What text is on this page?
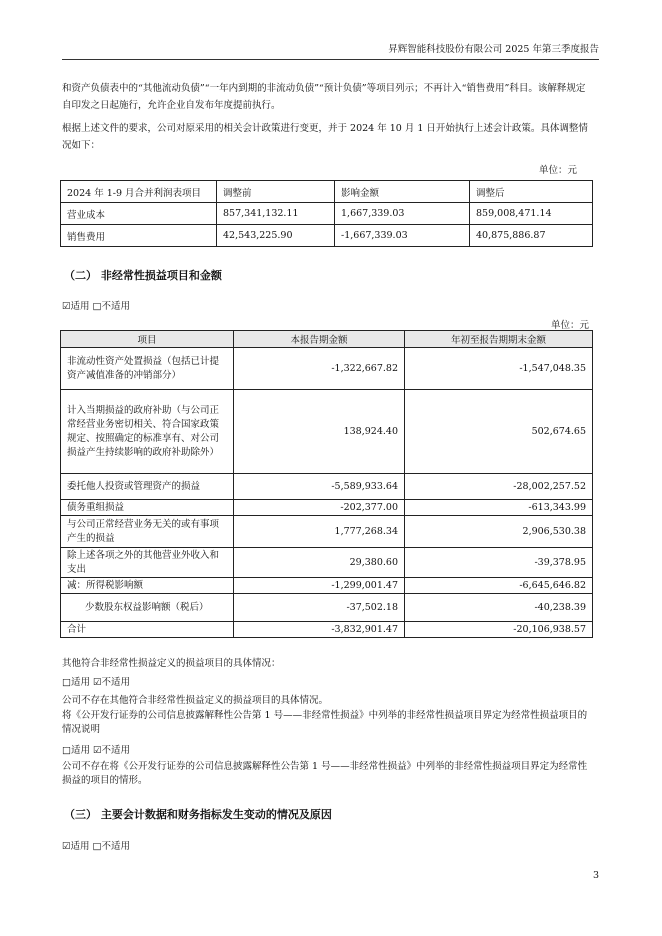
昇辉智能科技股份有限公司 2025 年第三季度报告
和资产负债表中的“其他流动负债”“一年内到期的非流动负债”“预计负债”等项目列示；不再计入“销售费用”科目。该解释规定自印发之日起施行，允许企业自发布年度提前执行。
根据上述文件的要求，公司对原采用的相关会计政策进行变更，并于 2024 年 10 月 1 日开始执行上述会计政策。具体调整情况如下：
单位：元
2024 年 1-9 月合并利润表项目	调整前	影响金额	调整后
营业成本	857,341,132.11	1,667,339.03	859,008,471.14
销售费用	42,543,225.90	-1,667,339.03	40,875,886.87
（二） 非经常性损益项目和金额
☑适用 □不适用
单位：元
项目	本报告期金额	年初至报告期期末金额
非流动性资产处置损益（包括已计提资产减值准备的冲销部分）	-1,322,667.82	-1,547,048.35
计入当期损益的政府补助（与公司正常经营业务密切相关、符合国家政策规定、按照确定的标准享有、对公司损益产生持续影响的政府补助除外）	138,924.40	502,674.65
委托他人投资或管理资产的损益	-5,589,933.64	-28,002,257.52
债务重组损益	-202,377.00	-613,343.99
与公司正常经营业务无关的或有事项产生的损益	1,777,268.34	2,906,530.38
除上述各项之外的其他营业外收入和支出	29,380.60	-39,378.95
减：所得税影响额	-1,299,001.47	-6,645,646.82
少数股东权益影响额（税后）	-37,502.18	-40,238.39
合计	-3,832,901.47	-20,106,938.57
其他符合非经常性损益定义的损益项目的具体情况：
□适用 ☑不适用
公司不存在其他符合非经常性损益定义的损益项目的具体情况。
将《公开发行证券的公司信息披露解释性公告第 1 号——非经常性损益》中列举的非经常性损益项目界定为经常性损益项目的情况说明
□适用 ☑不适用
公司不存在将《公开发行证券的公司信息披露解释性公告第 1 号——非经常性损益》中列举的非经常性损益项目界定为经常性损益的项目的情形。
（三） 主要会计数据和财务指标发生变动的情况及原因
☑适用 □不适用
3
